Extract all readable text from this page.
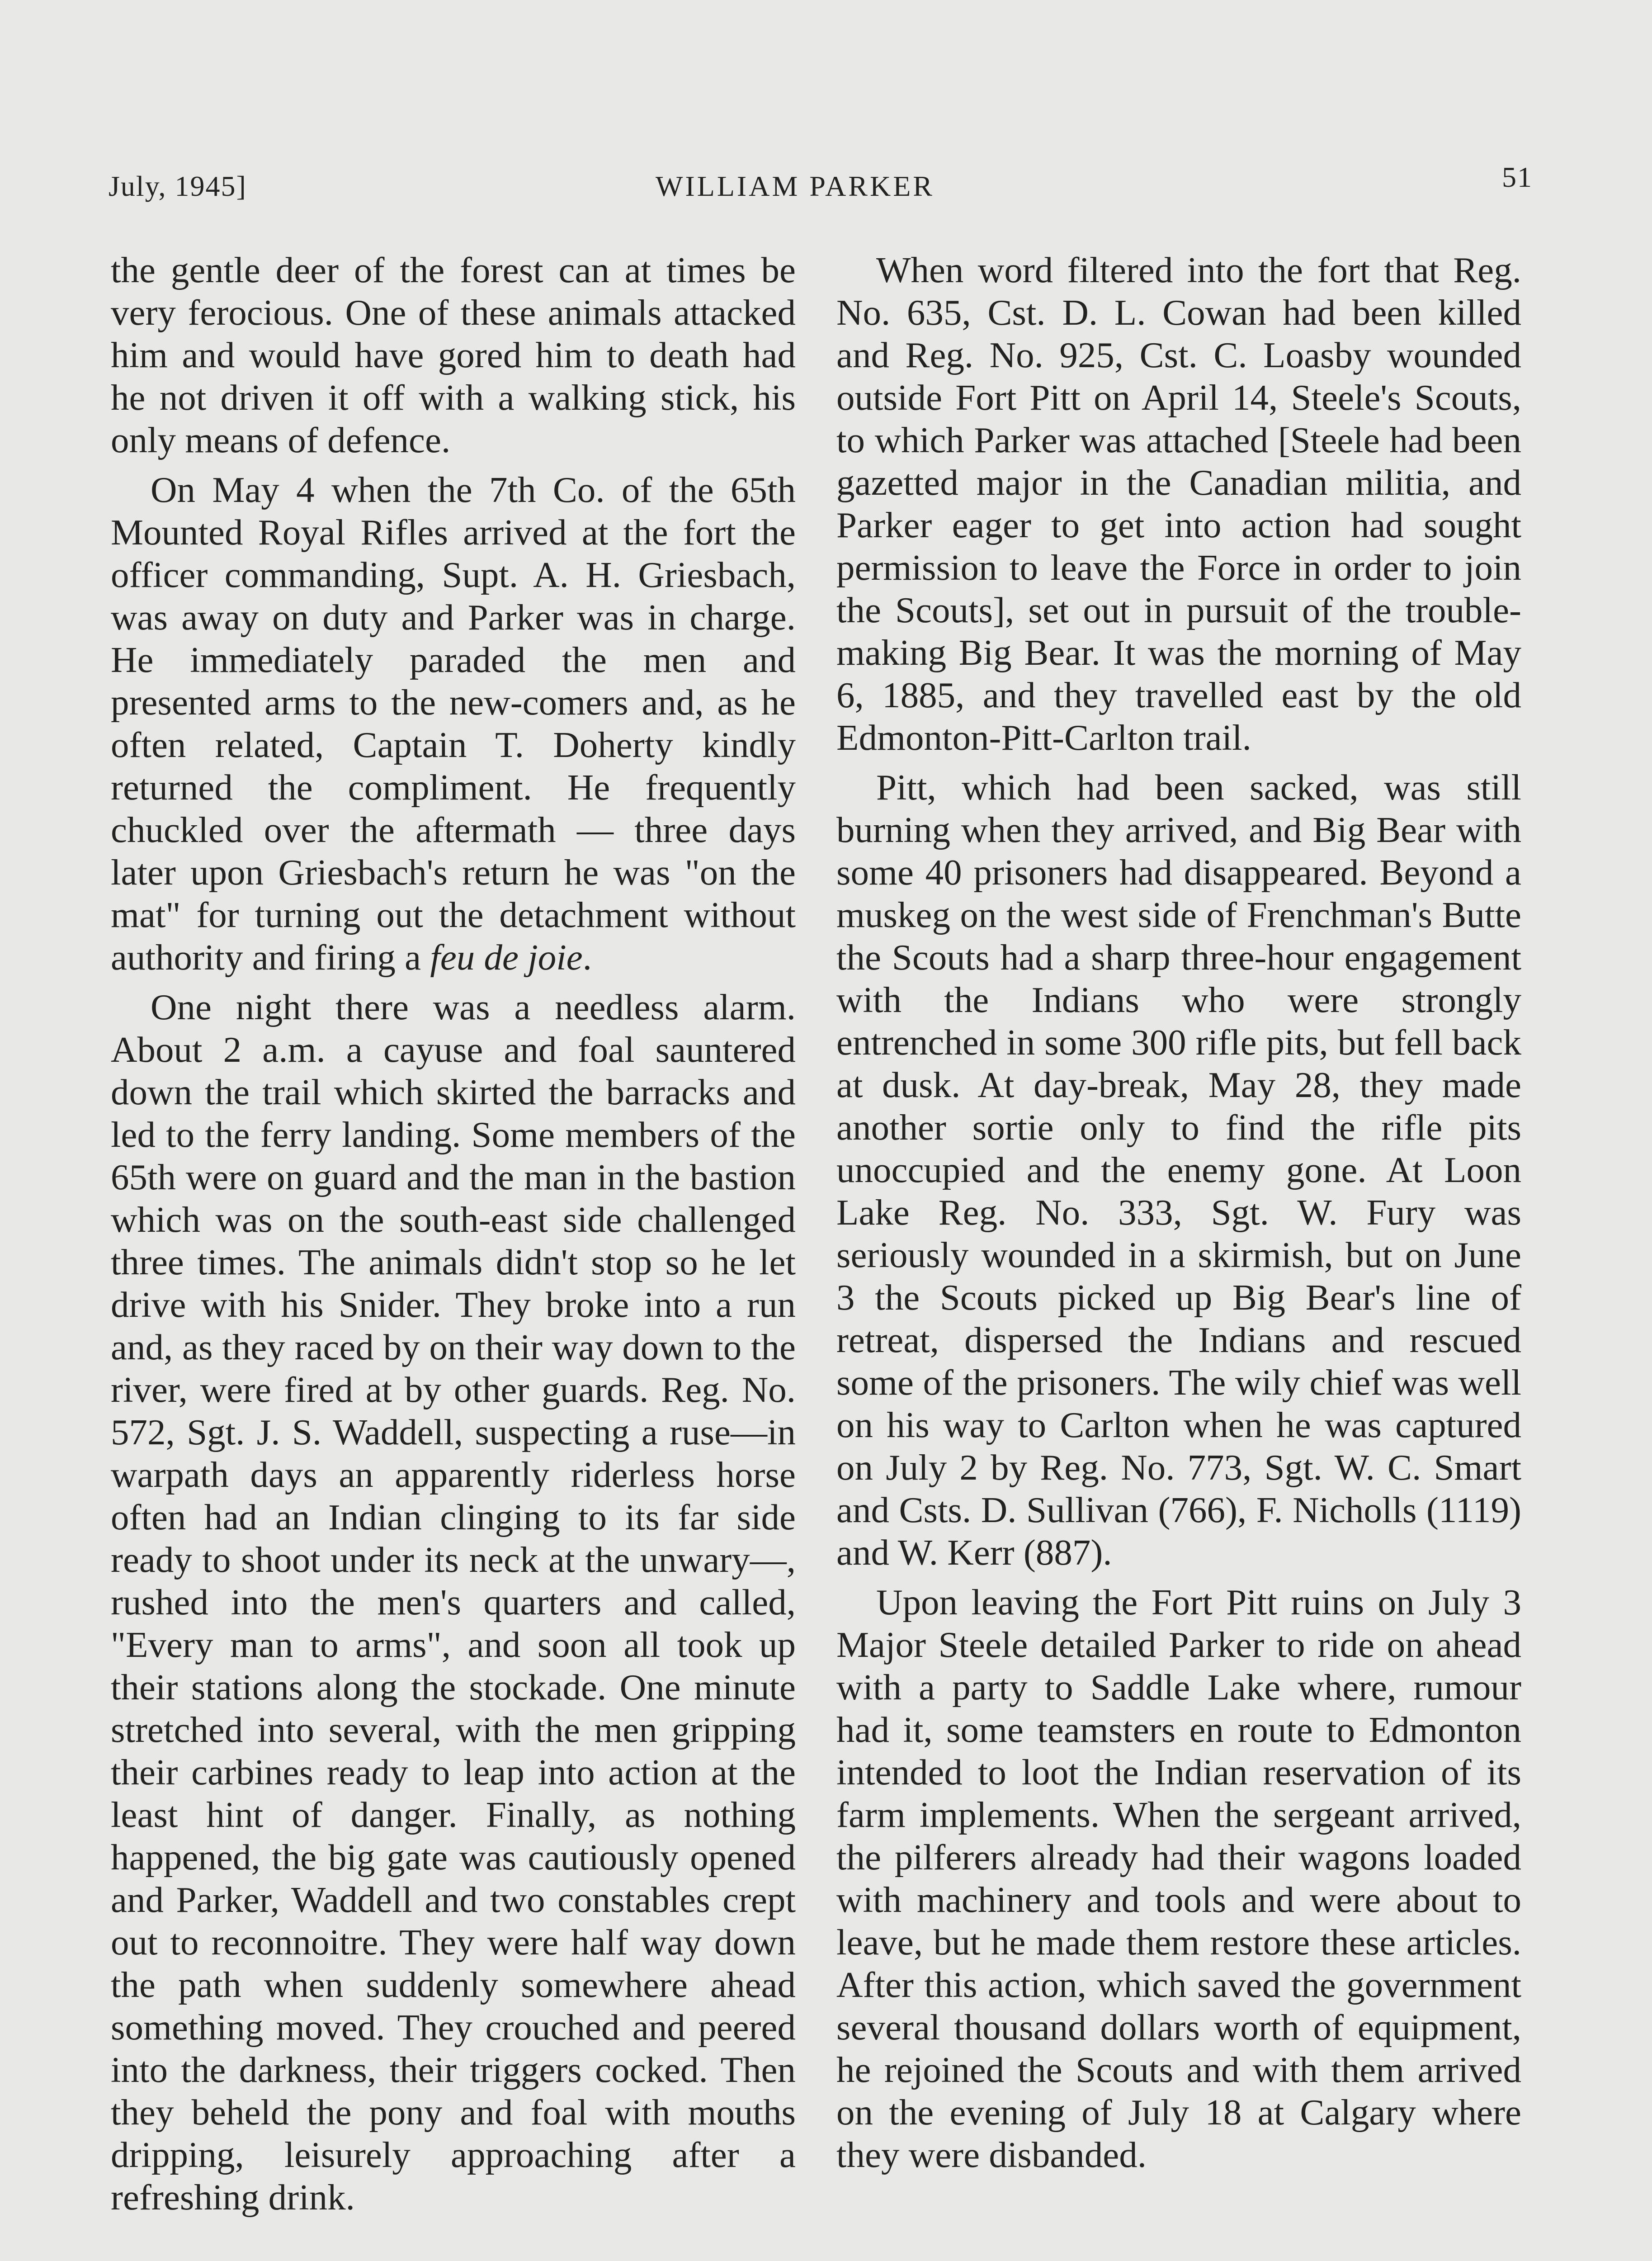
July, 1945]	WILLIAM PARKER	51

the gentle deer of the forest can at times be very ferocious. One of these animals attacked him and would have gored him to death had he not driven it off with a walking stick, his only means of defence.

On May 4 when the 7th Co. of the 65th Mounted Royal Rifles arrived at the fort the officer commanding, Supt. A. H. Griesbach, was away on duty and Parker was in charge. He immediately paraded the men and presented arms to the new-comers and, as he often related, Captain T. Doherty kindly returned the compliment. He frequently chuckled over the aftermath — three days later upon Griesbach's return he was "on the mat" for turning out the detachment without authority and firing a feu de joie.

One night there was a needless alarm. About 2 a.m. a cayuse and foal sauntered down the trail which skirted the barracks and led to the ferry landing. Some members of the 65th were on guard and the man in the bastion which was on the south-east side challenged three times. The animals didn't stop so he let drive with his Snider. They broke into a run and, as they raced by on their way down to the river, were fired at by other guards. Reg. No. 572, Sgt. J. S. Waddell, suspecting a ruse—in warpath days an apparently riderless horse often had an Indian clinging to its far side ready to shoot under its neck at the unwary—, rushed into the men's quarters and called, "Every man to arms", and soon all took up their stations along the stockade. One minute stretched into several, with the men gripping their carbines ready to leap into action at the least hint of danger. Finally, as nothing happened, the big gate was cautiously opened and Parker, Waddell and two constables crept out to reconnoitre. They were half way down the path when suddenly somewhere ahead something moved. They crouched and peered into the darkness, their triggers cocked. Then they beheld the pony and foal with mouths dripping, leisurely approaching after a refreshing drink.

When word filtered into the fort that Reg. No. 635, Cst. D. L. Cowan had been killed and Reg. No. 925, Cst. C. Loasby wounded outside Fort Pitt on April 14, Steele's Scouts, to which Parker was attached [Steele had been gazetted major in the Canadian militia, and Parker eager to get into action had sought permission to leave the Force in order to join the Scouts], set out in pursuit of the trouble-making Big Bear. It was the morning of May 6, 1885, and they travelled east by the old Edmonton-Pitt-Carlton trail.

Pitt, which had been sacked, was still burning when they arrived, and Big Bear with some 40 prisoners had disappeared. Beyond a muskeg on the west side of Frenchman's Butte the Scouts had a sharp three-hour engagement with the Indians who were strongly entrenched in some 300 rifle pits, but fell back at dusk. At day-break, May 28, they made another sortie only to find the rifle pits unoccupied and the enemy gone. At Loon Lake Reg. No. 333, Sgt. W. Fury was seriously wounded in a skirmish, but on June 3 the Scouts picked up Big Bear's line of retreat, dispersed the Indians and rescued some of the prisoners. The wily chief was well on his way to Carlton when he was captured on July 2 by Reg. No. 773, Sgt. W. C. Smart and Csts. D. Sullivan (766), F. Nicholls (1119) and W. Kerr (887).

Upon leaving the Fort Pitt ruins on July 3 Major Steele detailed Parker to ride on ahead with a party to Saddle Lake where, rumour had it, some teamsters en route to Edmonton intended to loot the Indian reservation of its farm implements. When the sergeant arrived, the pilferers already had their wagons loaded with machinery and tools and were about to leave, but he made them restore these articles. After this action, which saved the government several thousand dollars worth of equipment, he rejoined the Scouts and with them arrived on the evening of July 18 at Calgary where they were disbanded.
